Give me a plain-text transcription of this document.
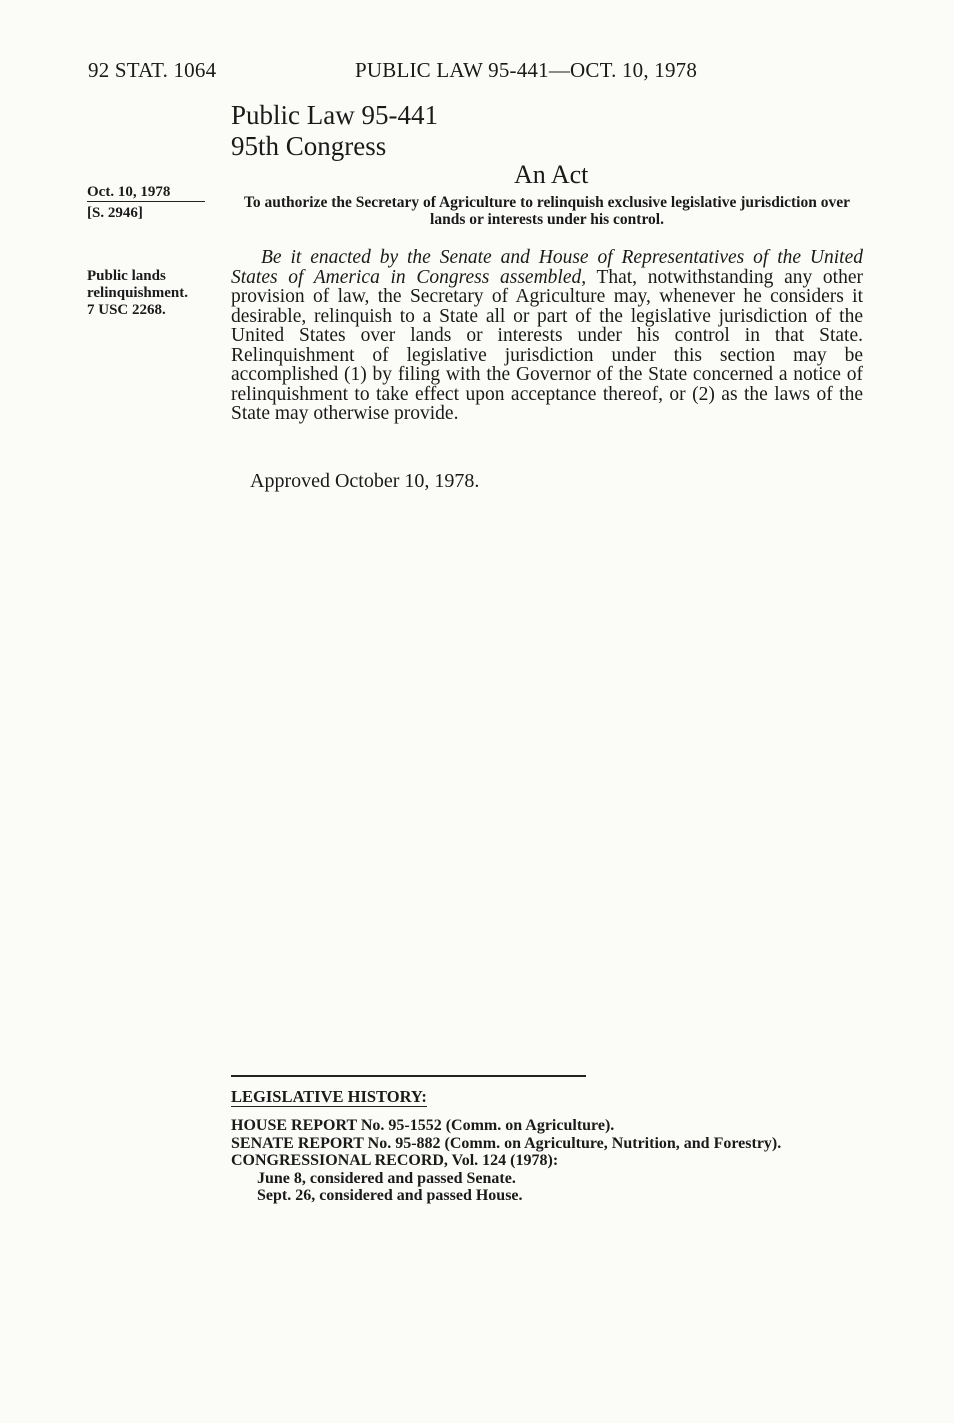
92 STAT. 1064	PUBLIC LAW 95-441—OCT. 10, 1978
Public Law 95-441
95th Congress
An Act
Oct. 10, 1978
[S. 2946]
Public lands
relinquishment.
7 USC 2268.
To authorize the Secretary of Agriculture to relinquish exclusive legislative jurisdiction over lands or interests under his control.

Be it enacted by the Senate and House of Representatives of the United States of America in Congress assembled, That, notwithstanding any other provision of law, the Secretary of Agriculture may, whenever he considers it desirable, relinquish to a State all or part of the legislative jurisdiction of the United States over lands or interests under his control in that State. Relinquishment of legislative jurisdiction under this section may be accomplished (1) by filing with the Governor of the State concerned a notice of relinquishment to take effect upon acceptance thereof, or (2) as the laws of the State may otherwise provide.

Approved October 10, 1978.
LEGISLATIVE HISTORY:
HOUSE REPORT No. 95-1552 (Comm. on Agriculture).
SENATE REPORT No. 95-882 (Comm. on Agriculture, Nutrition, and Forestry).
CONGRESSIONAL RECORD, Vol. 124 (1978):
June 8, considered and passed Senate.
Sept. 26, considered and passed House.
